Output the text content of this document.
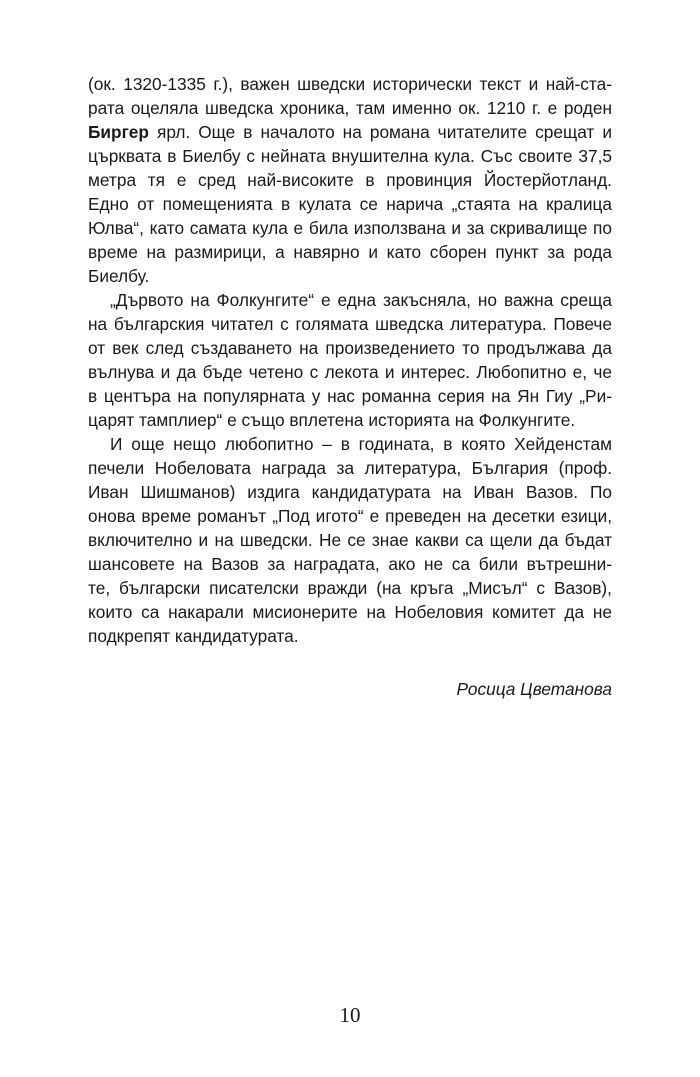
(ок. 1320-1335 г.), важен шведски исторически текст и най-ста-
рата оцеляла шведска хроника, там именно ок. 1210 г. е роден
Биргер ярл. Още в началото на романа читателите срещат и
църквата в Биелбу с нейната внушителна кула. Със своите 37,5
метра тя е сред най-високите в провинция Йостерйотланд.
Едно от помещенията в кулата се нарича „стаята на кралица
Юлва“, като самата кула е била използвана и за скривалище по
време на размирици, а навярно и като сборен пункт за рода
Биелбу.
„Дървото на Фолкунгите“ е една закъсняла, но важна среща
на българския читател с голямата шведска литература. Повече
от век след създаването на произведението то продължава да
вълнува и да бъде четено с лекота и интерес. Любопитно е, че
в центъра на популярната у нас романна серия на Ян Гиу „Ри-
царят тамплиер“ е също вплетена историята на Фолкунгите.
И още нещо любопитно – в годината, в която Хейденстам
печели Нобеловата награда за литература, България (проф.
Иван Шишманов) издига кандидатурата на Иван Вазов. По
онова време романът „Под игото“ е преведен на десетки езици,
включително и на шведски. Не се знае какви са щели да бъдат
шансовете на Вазов за наградата, ако не са били вътрешни-
те, български писателски вражди (на кръга „Мисъл“ с Вазов),
които са накарали мисионерите на Нобеловия комитет да не
подкрепят кандидатурата.
Росица Цветанова
10
